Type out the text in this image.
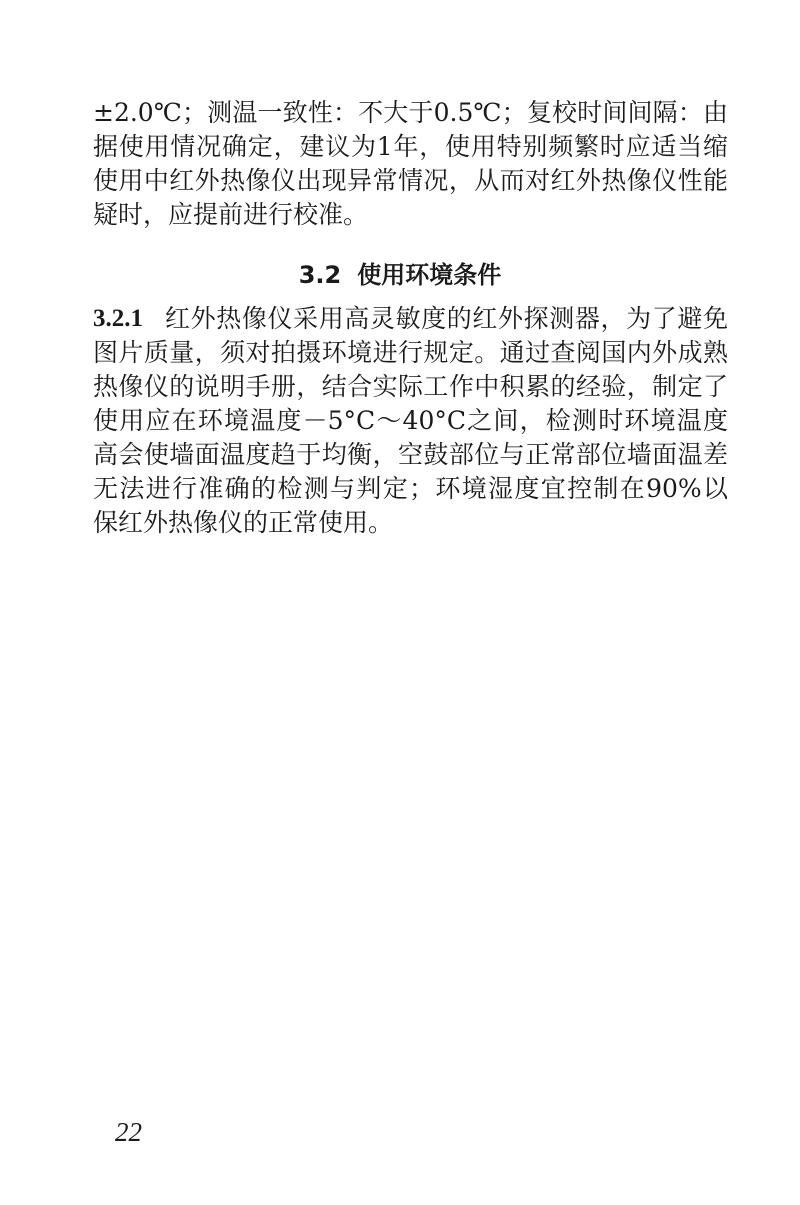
±2.0℃；测温一致性：不大于0.5℃；复校时间间隔：由
据使用情况确定，建议为1年，使用特别频繁时应适当缩
使用中红外热像仪出现异常情况，从而对红外热像仪性能
疑时，应提前进行校准。
3.2 使用环境条件
3.2.1 红外热像仪采用高灵敏度的红外探测器，为了避免
图片质量，须对拍摄环境进行规定。通过查阅国内外成熟
热像仪的说明手册，结合实际工作中积累的经验，制定了
使用应在环境温度－5°C～40°C之间，检测时环境温度
高会使墙面温度趋于均衡，空鼓部位与正常部位墙面温差
无法进行准确的检测与判定；环境湿度宜控制在90%以
保红外热像仪的正常使用。
22
